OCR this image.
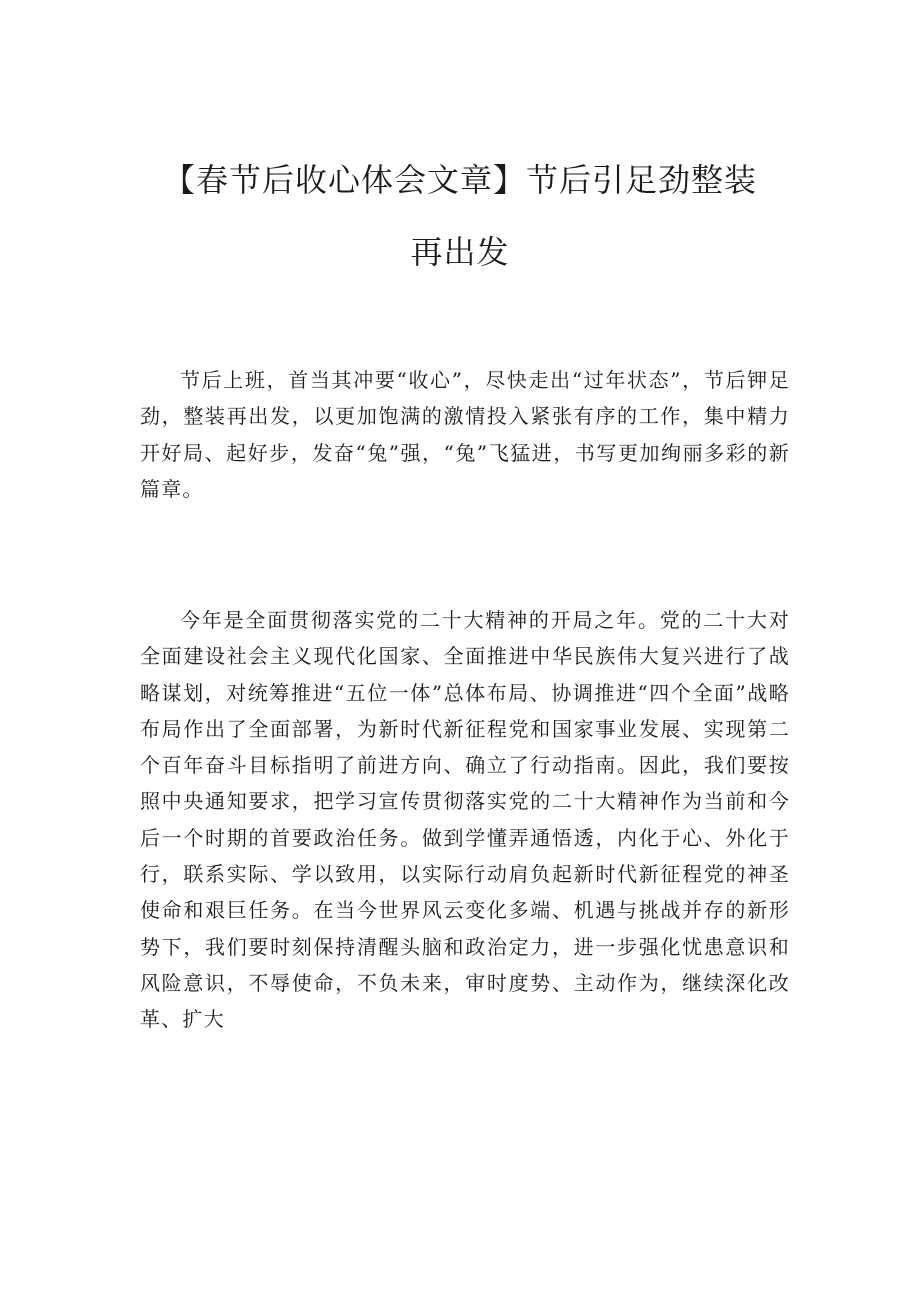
【春节后收心体会文章】节后引足劲整装
再出发

节后上班，首当其冲要“收心”，尽快走出“过年状态”，节后钾足劲，整装再出发，以更加饱满的激情投入紧张有序的工作，集中精力开好局、起好步，发奋“兔”强，“兔”飞猛进，书写更加绚丽多彩的新篇章。

今年是全面贯彻落实党的二十大精神的开局之年。党的二十大对全面建设社会主义现代化国家、全面推进中华民族伟大复兴进行了战略谋划，对统筹推进“五位一体”总体布局、协调推进“四个全面”战略布局作出了全面部署，为新时代新征程党和国家事业发展、实现第二个百年奋斗目标指明了前进方向、确立了行动指南。因此，我们要按照中央通知要求，把学习宣传贯彻落实党的二十大精神作为当前和今后一个时期的首要政治任务。做到学懂弄通悟透，内化于心、外化于行，联系实际、学以致用，以实际行动肩负起新时代新征程党的神圣使命和艰巨任务。在当今世界风云变化多端、机遇与挑战并存的新形势下，我们要时刻保持清醒头脑和政治定力，进一步强化忧患意识和风险意识，不辱使命，不负未来，审时度势、主动作为，继续深化改革、扩大
